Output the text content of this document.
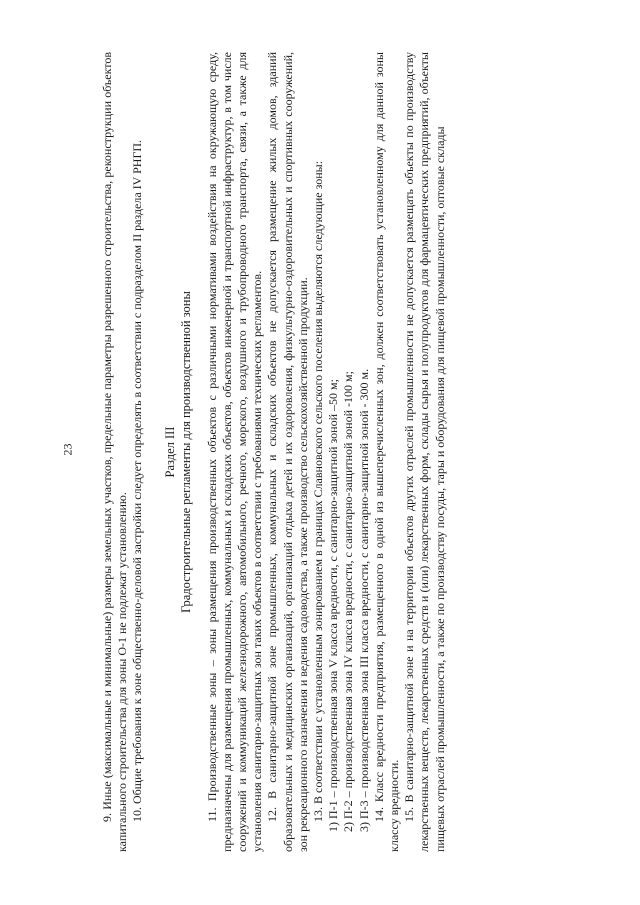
23 9. Иные (максимальные и минимальные) размеры земельных участков, предельные параметры разрешенного строительства, реконструкции объектов капитального строительства для зоны О-1 не подлежат установлению. 10. Общие требования к зоне общественно-деловой застройки следует определять в соответствии с подразделом II раздела IV РНГП. Раздел III Градостроительные регламенты для производственной зоны 11. Производственные зоны – зоны размещения производственных объектов с различными нормативами воздействия на окружающую среду, предназначены для размещения промышленных, коммунальных и складских объектов, объектов инженерной и транспортной инфраструктур, в том числе сооружений и коммуникаций железнодорожного, автомобильного, речного, морского, воздушного и трубопроводного транспорта, связи, а также для установления санитарно-защитных зон таких объектов в соответствии с требованиями технических регламентов. 12. В санитарно-защитной зоне промышленных, коммунальных и складских объектов не допускается размещение жилых домов, зданий образовательных и медицинских организаций, организаций отдыха детей и их оздоровления, физкультурно-оздоровительных и спортивных сооружений, зон рекреационного назначения и ведения садоводства, а также производство сельскохозяйственной продукции. 13. В соответствии с установленным зонированием в границах Славновского сельского поселения выделяются следующие зоны: 1) П-1 – производственная зона V класса вредности, с санитарно-защитной зоной –50 м; 2) П-2 – производственная зона IV класса вредности, с санитарно-защитной зоной -100 м; 3) П-3 – производственная зона III класса вредности, с санитарно-защитной зоной - 300 м. 14. Класс вредности предприятия, размещенного в одной из вышеперечисленных зон, должен соответствовать установленному для данной зоны классу вредности. 15. В санитарно-защитной зоне и на территории объектов других отраслей промышленности не допускается размещать объекты по производству лекарственных веществ, лекарственных средств и (или) лекарственных форм, склады сырья и полупродуктов для фармацевтических предприятий, объекты пищевых отраслей промышленности, а также по производству посуды, тары и оборудования для пищевой промышленности, оптовые склады
